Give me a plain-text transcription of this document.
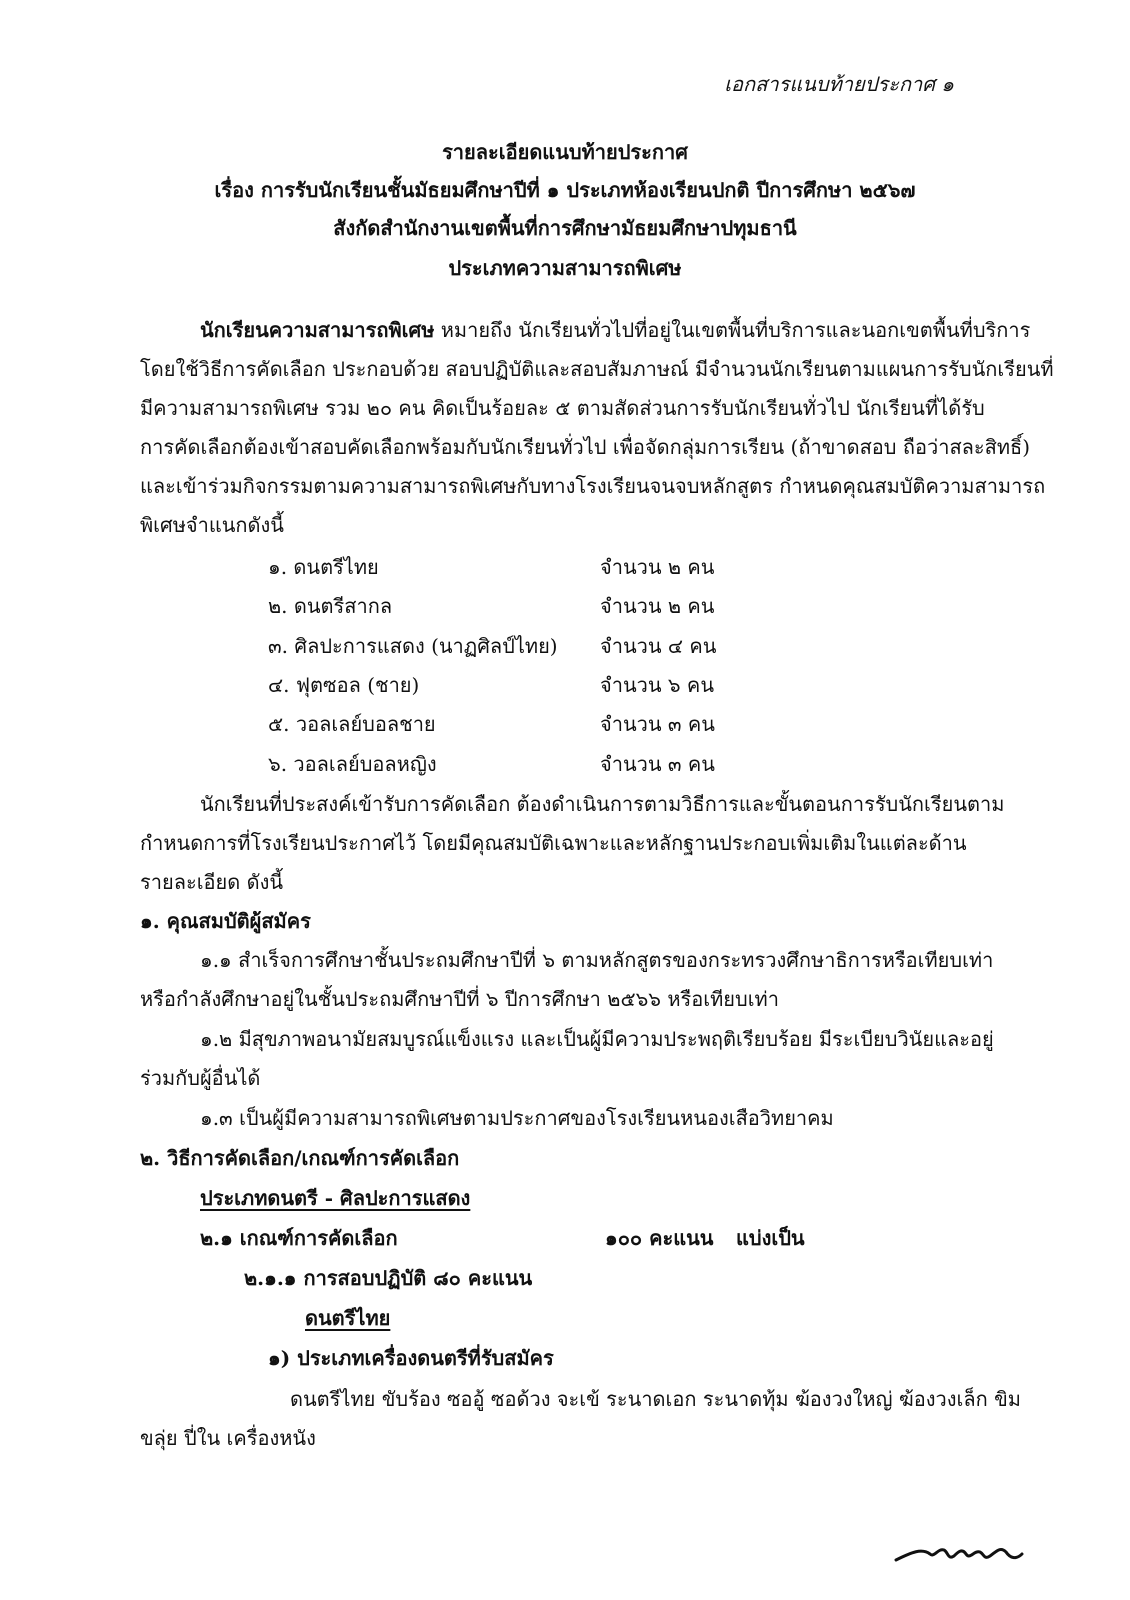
เอกสารแนบท้ายประกาศ ๑
รายละเอียดแนบท้ายประกาศ
เรื่อง การรับนักเรียนชั้นมัธยมศึกษาปีที่ ๑ ประเภทห้องเรียนปกติ ปีการศึกษา ๒๕๖๗
สังกัดสำนักงานเขตพื้นที่การศึกษามัธยมศึกษาปทุมธานี
ประเภทความสามารถพิเศษ
นักเรียนความสามารถพิเศษ หมายถึง นักเรียนทั่วไปที่อยู่ในเขตพื้นที่บริการและนอกเขตพื้นที่บริการ
โดยใช้วิธีการคัดเลือก ประกอบด้วย สอบปฏิบัติและสอบสัมภาษณ์ มีจำนวนนักเรียนตามแผนการรับนักเรียนที่
มีความสามารถพิเศษ รวม ๒๐ คน คิดเป็นร้อยละ ๕ ตามสัดส่วนการรับนักเรียนทั่วไป นักเรียนที่ได้รับ
การคัดเลือกต้องเข้าสอบคัดเลือกพร้อมกับนักเรียนทั่วไป เพื่อจัดกลุ่มการเรียน (ถ้าขาดสอบ ถือว่าสละสิทธิ์)
และเข้าร่วมกิจกรรมตามความสามารถพิเศษกับทางโรงเรียนจนจบหลักสูตร กำหนดคุณสมบัติความสามารถ
พิเศษจำแนกดังนี้
๑. ดนตรีไทย	จำนวน ๒ คน
๒. ดนตรีสากล	จำนวน ๒ คน
๓. ศิลปะการแสดง (นาฏศิลป์ไทย) จำนวน ๔ คน
๔. ฟุตซอล (ชาย)	จำนวน ๖ คน
๕. วอลเลย์บอลชาย	จำนวน ๓ คน
๖. วอลเลย์บอลหญิง	จำนวน ๓ คน
นักเรียนที่ประสงค์เข้ารับการคัดเลือก ต้องดำเนินการตามวิธีการและขั้นตอนการรับนักเรียนตาม
กำหนดการที่โรงเรียนประกาศไว้ โดยมีคุณสมบัติเฉพาะและหลักฐานประกอบเพิ่มเติมในแต่ละด้าน
รายละเอียด ดังนี้
๑. คุณสมบัติผู้สมัคร
๑.๑ สำเร็จการศึกษาชั้นประถมศึกษาปีที่ ๖ ตามหลักสูตรของกระทรวงศึกษาธิการหรือเทียบเท่า
หรือกำลังศึกษาอยู่ในชั้นประถมศึกษาปีที่ ๖ ปีการศึกษา ๒๕๖๖ หรือเทียบเท่า
๑.๒ มีสุขภาพอนามัยสมบูรณ์แข็งแรง และเป็นผู้มีความประพฤติเรียบร้อย มีระเบียบวินัยและอยู่
ร่วมกับผู้อื่นได้
๑.๓ เป็นผู้มีความสามารถพิเศษตามประกาศของโรงเรียนหนองเสือวิทยาคม
๒. วิธีการคัดเลือก/เกณฑ์การคัดเลือก
ประเภทดนตรี - ศิลปะการแสดง
๒.๑ เกณฑ์การคัดเลือก	๑๐๐ คะแนน แบ่งเป็น
๒.๑.๑ การสอบปฏิบัติ ๘๐ คะแนน
ดนตรีไทย
๑) ประเภทเครื่องดนตรีที่รับสมัคร
ดนตรีไทย ขับร้อง ซออู้ ซอด้วง จะเข้ ระนาดเอก ระนาดทุ้ม ฆ้องวงใหญ่ ฆ้องวงเล็ก ขิม
ขลุ่ย ปี่ใน เครื่องหนัง
